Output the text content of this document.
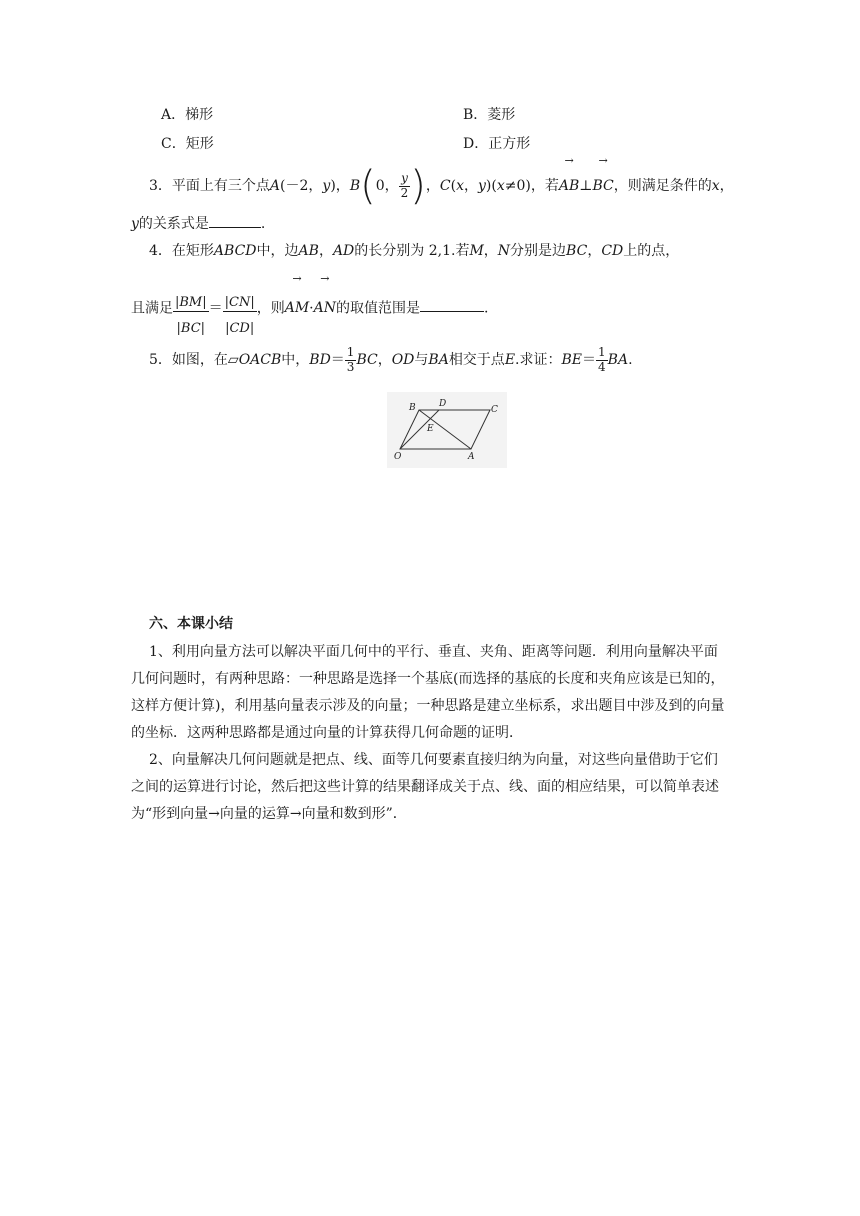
A．梯形	B．菱形
C．矩形	D．正方形
3．平面上有三个点A(－2，y)，B(0， $\frac{y}{2}$ )，C(x，y)(x≠0)，若→ AB⊥→ BC，则满足条件的x，
y的关系式是	.
4．在矩形ABCD中，边AB，AD的长分别为 2,1.若M，N分别是边BC，CD上的点，
且满足 $\frac{|BM|}{|BC|} = \frac{|CN|}{|CD|}$ ，则→ AM·→ AN的取值范围是	.
5．如图，在▱OACB中，$BD= \frac{1}{3}$ BC，OD与BA相交于点E.求证：$BE= \frac{1}{4}$ BA.
B	D
C
E
O	A
六、本课小结
1、利用向量方法可以解决平面几何中的平行、垂直、夹角、距离等问题．利用向量解决平面几何问题时，有两种思路：一种思路是选择一个基底(而选择的基底的长度和夹角应该是已知的，这样方便计算)，利用基向量表示涉及的向量；一种思路是建立坐标系，求出题目中涉及到的向量的坐标．这两种思路都是通过向量的计算获得几何命题的证明．
2、向量解决几何问题就是把点、线、面等几何要素直接归纳为向量，对这些向量借助于它们之间的运算进行讨论，然后把这些计算的结果翻译成关于点、线、面的相应结果，可以简单表述为“形到向量→向量的运算→向量和数到形”．
